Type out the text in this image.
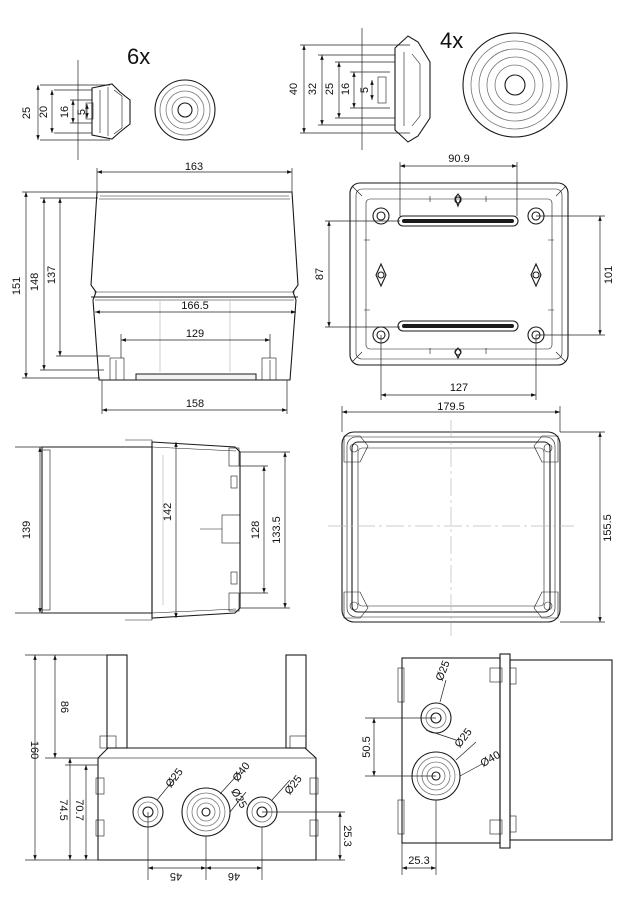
25 20 16 5
6x
40 32 25 16 5
4x
151 148 137
163
166.5
129
158
90.9
87	101
127
139
142
128 133.5
179.5
155.5
160
86
74.5 70.7
Ø25	Ø40
Ø25
Ø25
25.3
45	46
Ø25
Ø25
Ø40
50.5
25.3
